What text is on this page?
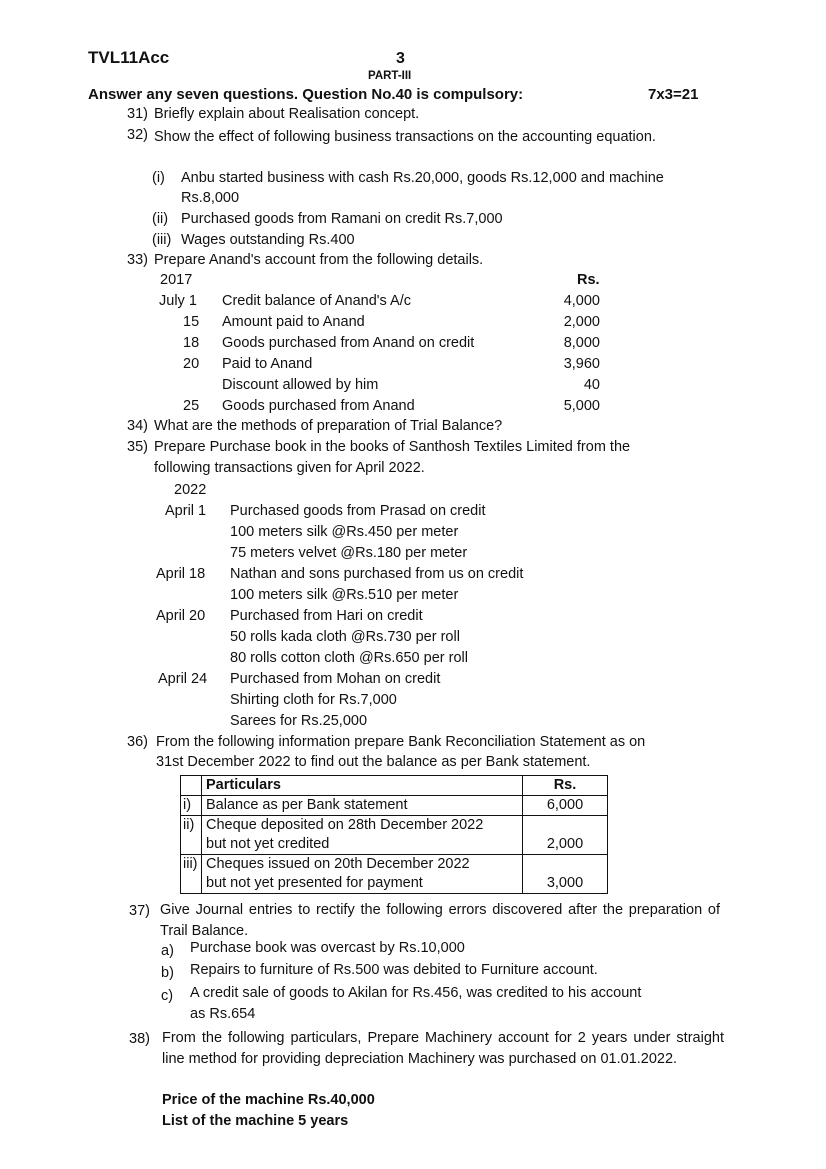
TVL11Acc	3
PART-III
Answer any seven questions. Question No.40 is compulsory:	7x3=21
31) Briefly explain about Realisation concept.
32) Show the effect of following business transactions on the accounting equation.
(i) Anbu started business with cash Rs.20,000, goods Rs.12,000 and machine
Rs.8,000
(ii) Purchased goods from Ramani on credit Rs.7,000
(iii) Wages outstanding Rs.400
33) Prepare Anand's account from the following details.
2017	Rs.
July 1 Credit balance of Anand's A/c	4,000
15 Amount paid to Anand	2,000
18 Goods purchased from Anand on credit	8,000
20 Paid to Anand	3,960
Discount allowed by him	40
25 Goods purchased from Anand	5,000
34) What are the methods of preparation of Trial Balance?
35) Prepare Purchase book in the books of Santhosh Textiles Limited from the
following transactions given for April 2022.
2022
April 1 Purchased goods from Prasad on credit
100 meters silk @Rs.450 per meter
75 meters velvet @Rs.180 per meter
April 18 Nathan and sons purchased from us on credit
100 meters silk @Rs.510 per meter
April 20 Purchased from Hari on credit
50 rolls kada cloth @Rs.730 per roll
80 rolls cotton cloth @Rs.650 per roll
April 24 Purchased from Mohan on credit
Shirting cloth for Rs.7,000
Sarees for Rs.25,000
36) From the following information prepare Bank Reconciliation Statement as on
31st December 2022 to find out the balance as per Bank statement.
	Particulars	Rs.
i)	Balance as per Bank statement	6,000
ii)	Cheque deposited on 28th December 2022
but not yet credited	2,000
iii)	Cheques issued on 20th December 2022
but not yet presented for payment	3,000
37) Give Journal entries to rectify the following errors discovered after the preparation of Trail Balance.
a) Purchase book was overcast by Rs.10,000
b) Repairs to furniture of Rs.500 was debited to Furniture account.
c) A credit sale of goods to Akilan for Rs.456, was credited to his account
as Rs.654
38) From the following particulars, Prepare Machinery account for 2 years under straight line method for providing depreciation Machinery was purchased on 01.01.2022.
Price of the machine Rs.40,000
List of the machine 5 years
